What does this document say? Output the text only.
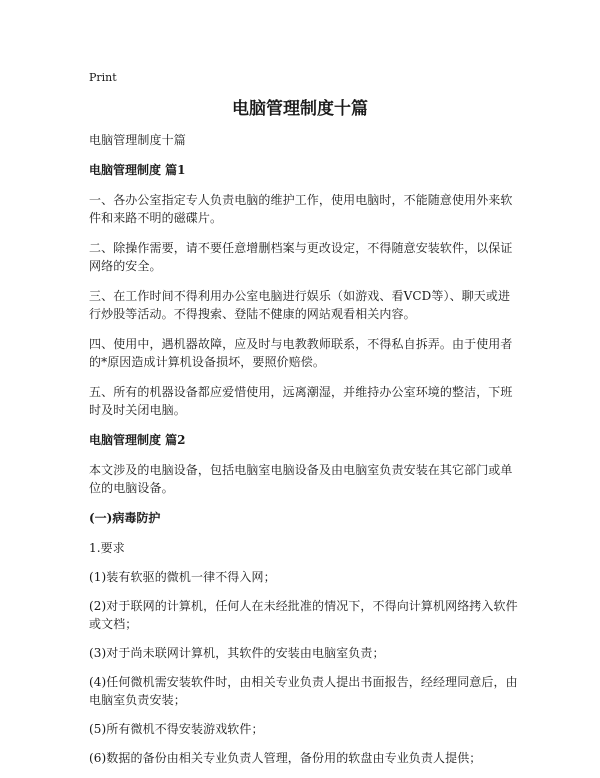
Print
电脑管理制度十篇
电脑管理制度十篇
电脑管理制度 篇1
一、各办公室指定专人负责电脑的维护工作，使用电脑时，不能随意使用外来软件和来路不明的磁碟片。
二、除操作需要，请不要任意增删档案与更改设定，不得随意安装软件，以保证网络的安全。
三、在工作时间不得利用办公室电脑进行娱乐（如游戏、看VCD等）、聊天或进行炒股等活动。不得搜索、登陆不健康的网站观看相关内容。
四、使用中，遇机器故障，应及时与电教教师联系，不得私自拆弄。由于使用者的*原因造成计算机设备损坏，要照价赔偿。
五、所有的机器设备都应爱惜使用，远离潮湿，并维持办公室环境的整洁，下班时及时关闭电脑。
电脑管理制度 篇2
本文涉及的电脑设备，包括电脑室电脑设备及由电脑室负责安装在其它部门或单位的电脑设备。
(一)病毒防护
1.要求
(1)装有软驱的微机一律不得入网；
(2)对于联网的计算机，任何人在未经批准的情况下，不得向计算机网络拷入软件或文档；
(3)对于尚未联网计算机，其软件的安装由电脑室负责；
(4)任何微机需安装软件时，由相关专业负责人提出书面报告，经经理同意后，由电脑室负责安装；
(5)所有微机不得安装游戏软件；
(6)数据的备份由相关专业负责人管理，备份用的软盘由专业负责人提供；
